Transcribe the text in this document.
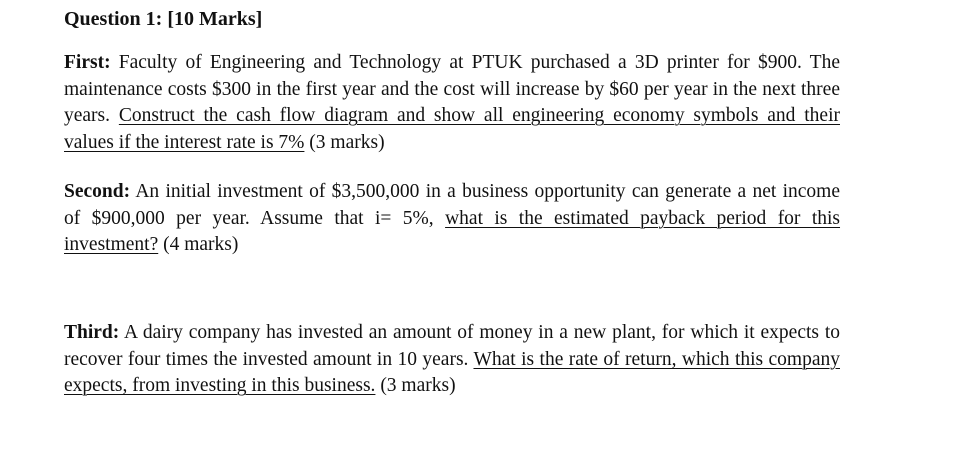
Question 1: [10 Marks]

First: Faculty of Engineering and Technology at PTUK purchased a 3D printer for $900. The maintenance costs $300 in the first year and the cost will increase by $60 per year in the next three years. Construct the cash flow diagram and show all engineering economy symbols and their values if the interest rate is 7% (3 marks)

Second: An initial investment of $3,500,000 in a business opportunity can generate a net income of $900,000 per year. Assume that i= 5%, what is the estimated payback period for this investment? (4 marks)

Third: A dairy company has invested an amount of money in a new plant, for which it expects to recover four times the invested amount in 10 years. What is the rate of return, which this company expects, from investing in this business. (3 marks)
